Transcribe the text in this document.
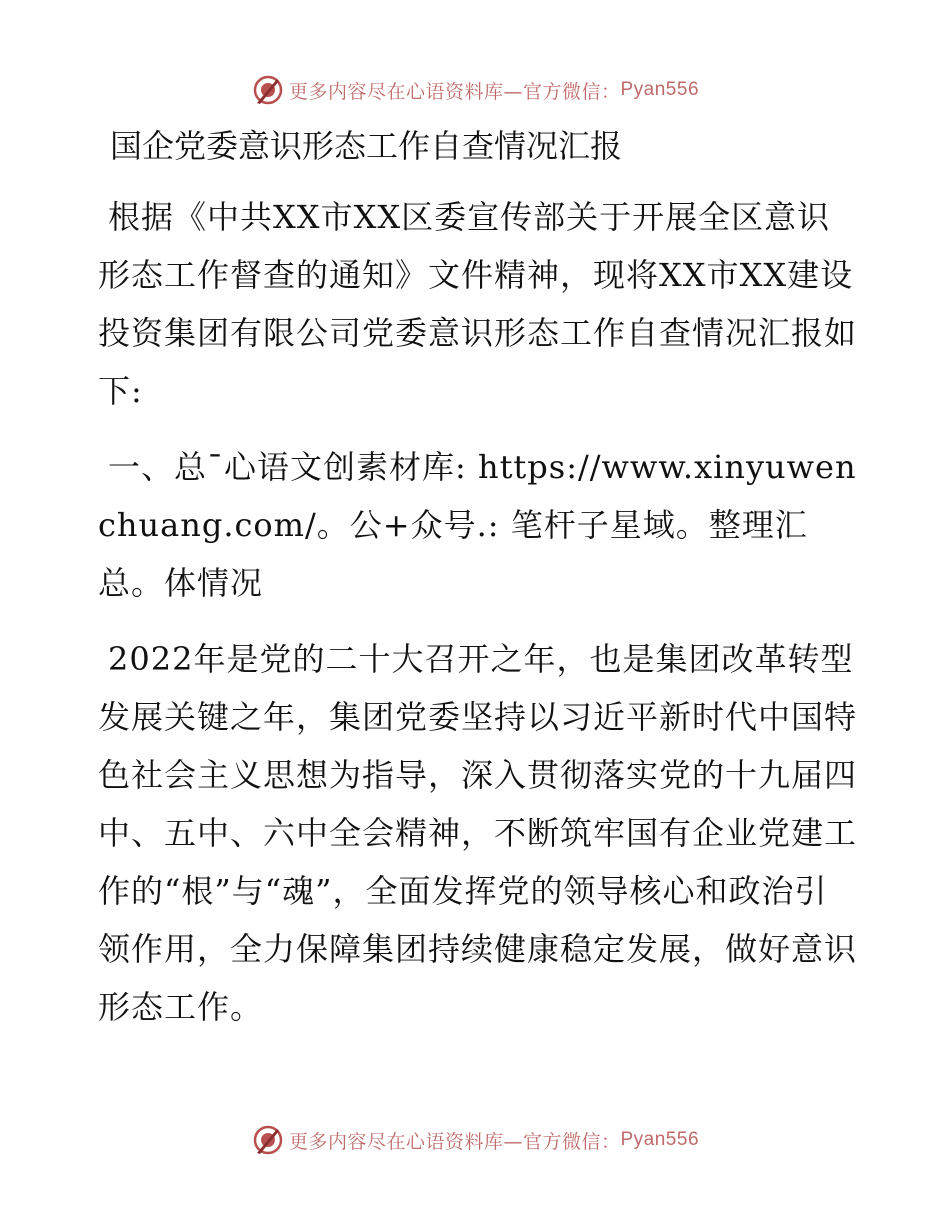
更多内容尽在心语资料库—官方微信： Pyan556
国企党委意识形态工作自查情况汇报

根据《中共XX市XX区委宣传部关于开展全区意识形态工作督查的通知》文件精神，现将XX市XX建设投资集团有限公司党委意识形态工作自查情况汇报如下:

一、总¯心语文创素材库: https://www.xinyuwenchuang.com/。公+众号.: 笔杆子星域。整理汇总。体情况

2022年是党的二十大召开之年，也是集团改革转型发展关键之年，集团党委坚持以习近平新时代中国特色社会主义思想为指导，深入贯彻落实党的十九届四中、五中、六中全会精神，不断筑牢国有企业党建工作的“根”与“魂”，全面发挥党的领导核心和政治引领作用，全力保障集团持续健康稳定发展，做好意识形态工作。

更多内容尽在心语资料库—官方微信： Pyan556
